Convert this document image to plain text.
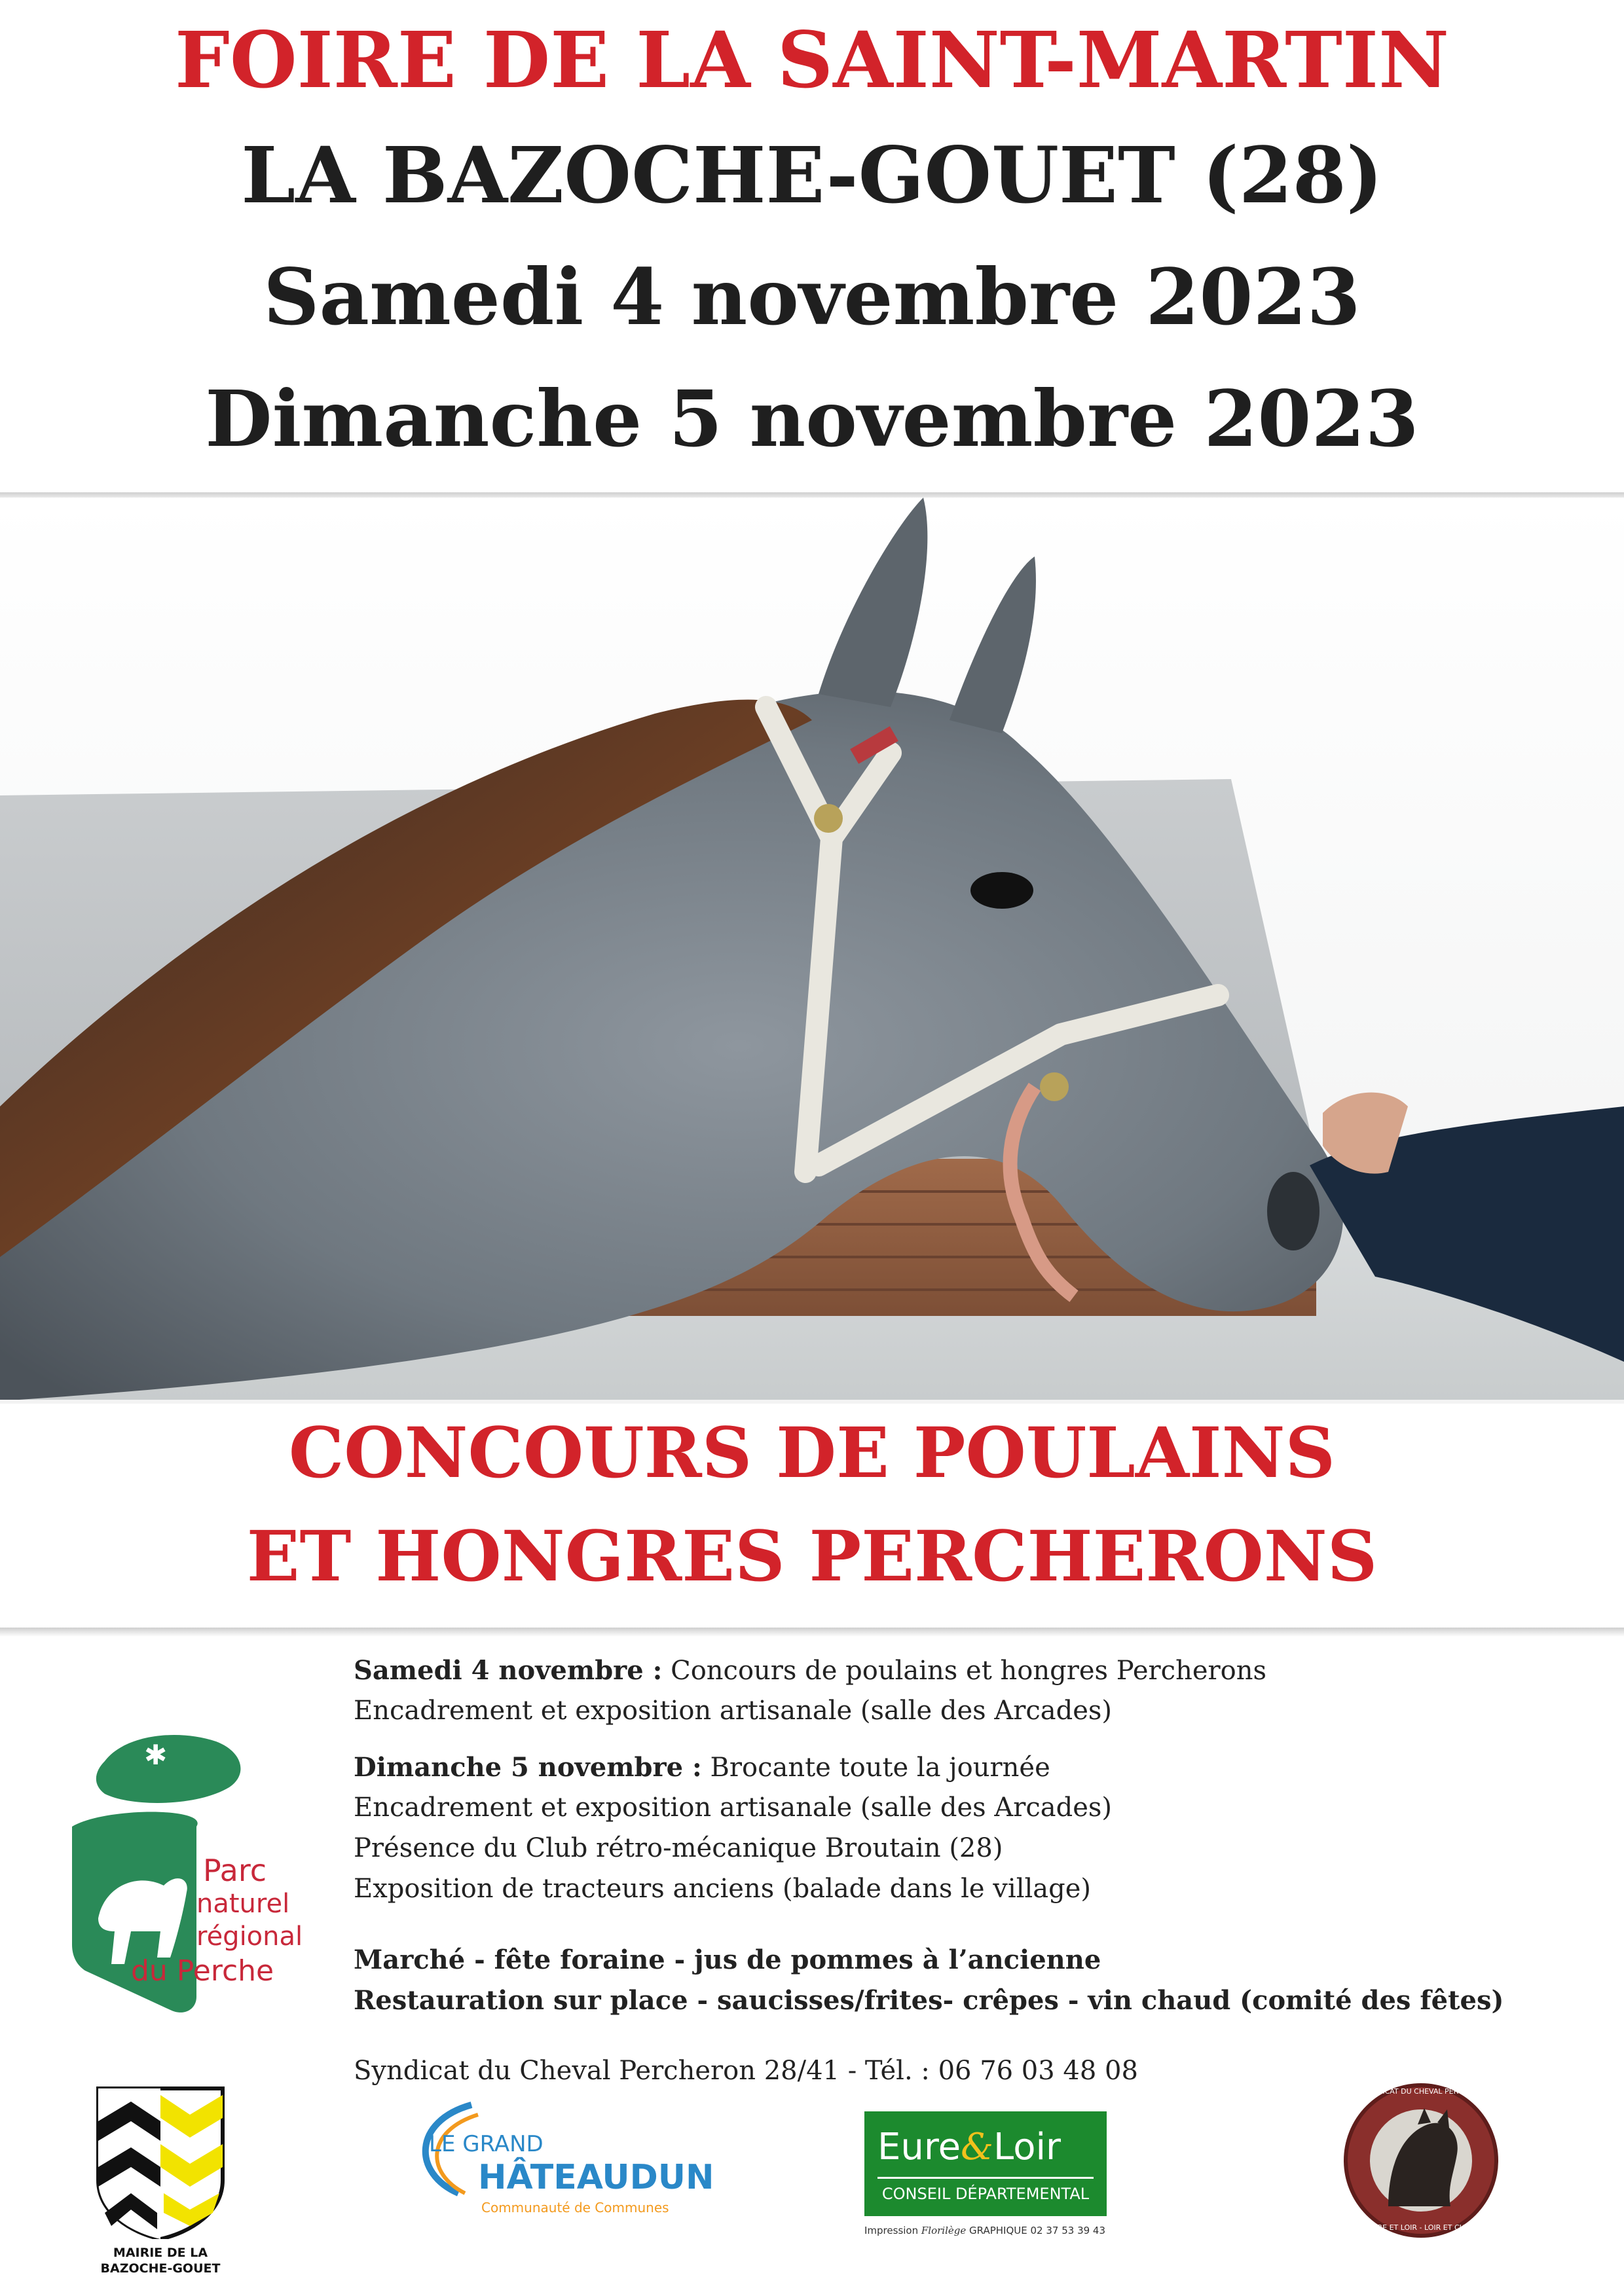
FOIRE DE LA SAINT-MARTIN
LA BAZOCHE-GOUET (28)
Samedi 4 novembre 2023
Dimanche 5 novembre 2023
CONCOURS DE POULAINS
ET HONGRES PERCHERONS
Samedi 4 novembre : Concours de poulains et hongres Percherons
Encadrement et exposition artisanale (salle des Arcades)
Dimanche 5 novembre : Brocante toute la journée
Encadrement et exposition artisanale (salle des Arcades)
Présence du Club rétro-mécanique Broutain (28)
Exposition de tracteurs anciens (balade dans le village)
Marché - fête foraine - jus de pommes à l’ancienne
Restauration sur place - saucisses/frites- crêpes - vin chaud (comité des fêtes)
Syndicat du Cheval Percheron 28/41 - Tél. : 06 76 03 48 08
✱
Parc
naturel
régional
du Perche
MAIRIE DE LA
BAZOCHE-GOUET
LE GRAND
HÂTEAUDUN
Communauté de Communes
Eure&Loir
CONSEIL DÉPARTEMENTAL
Impression Florilège GRAPHIQUE 02 37 53 39 43
Sᵛ SYNDICAT DU CHEVAL PERCHERON
EURE ET LOIR - LOIR ET CHER
